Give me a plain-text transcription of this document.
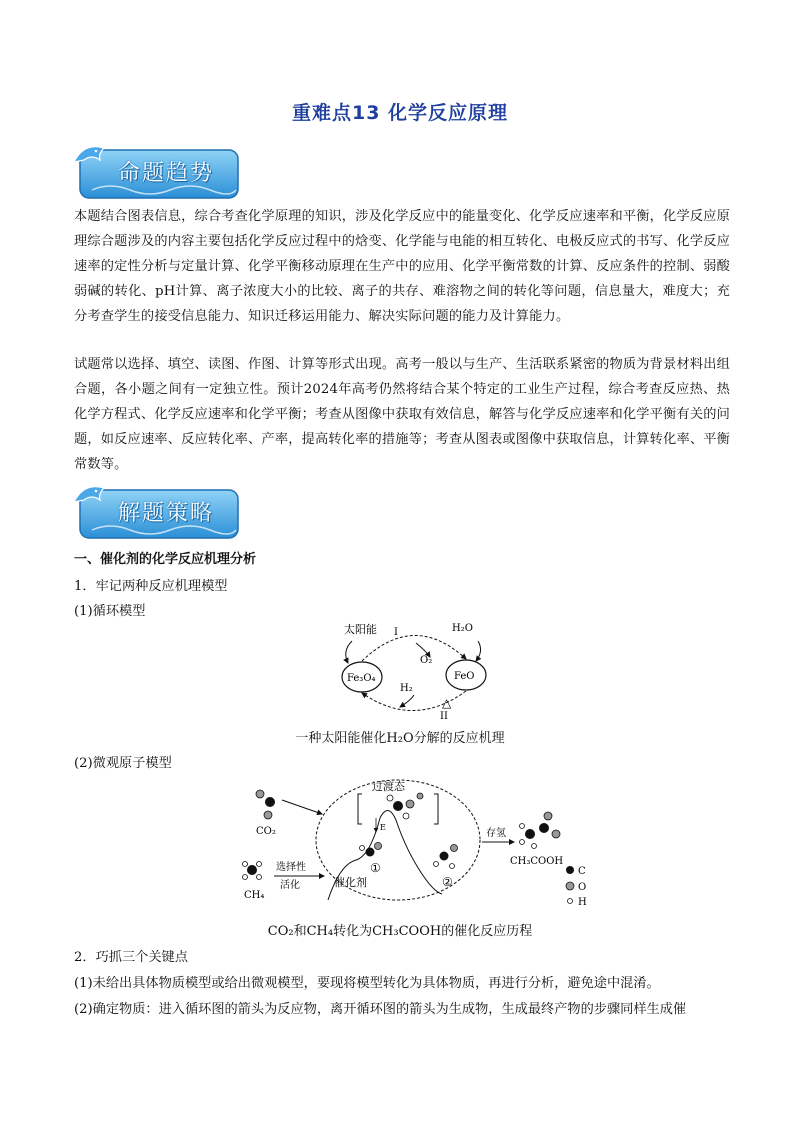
重难点13 化学反应原理
命题趋势
本题结合图表信息，综合考查化学原理的知识，涉及化学反应中的能量变化、化学反应速率和平衡，化学反应原理综合题涉及的内容主要包括化学反应过程中的焓变、化学能与电能的相互转化、电极反应式的书写、化学反应速率的定性分析与定量计算、化学平衡移动原理在生产中的应用、化学平衡常数的计算、反应条件的控制、弱酸弱碱的转化、pH计算、离子浓度大小的比较、离子的共存、难溶物之间的转化等问题，信息量大，难度大；充分考查学生的接受信息能力、知识迁移运用能力、解决实际问题的能力及计算能力。
试题常以选择、填空、读图、作图、计算等形式出现。高考一般以与生产、生活联系紧密的物质为背景材料出组合题，各小题之间有一定独立性。预计2024年高考仍然将结合某个特定的工业生产过程，综合考查反应热、热化学方程式、化学反应速率和化学平衡；考查从图像中获取有效信息，解答与化学反应速率和化学平衡有关的问题，如反应速率、反应转化率、产率，提高转化率的措施等；考查从图表或图像中获取信息，计算转化率、平衡常数等。
解题策略
一、催化剂的化学反应机理分析
1．牢记两种反应机理模型
(1)循环模型
太阳能 I
O₂
H₂O
Fe₃O₄	FeO
H₂
II
△
一种太阳能催化H₂O分解的反应机理
(2)微观原子模型
CO₂
CH₄
过渡态
选择性
活化	催化剂
①
②
E
存氢
CH₃COOH
C
O
H
CO₂和CH₄转化为CH₃COOH的催化反应历程
2．巧抓三个关键点
(1)未给出具体物质模型或给出微观模型，要现将模型转化为具体物质，再进行分析，避免途中混淆。
(2)确定物质：进入循环图的箭头为反应物，离开循环图的箭头为生成物，生成最终产物的步骤同样生成催
